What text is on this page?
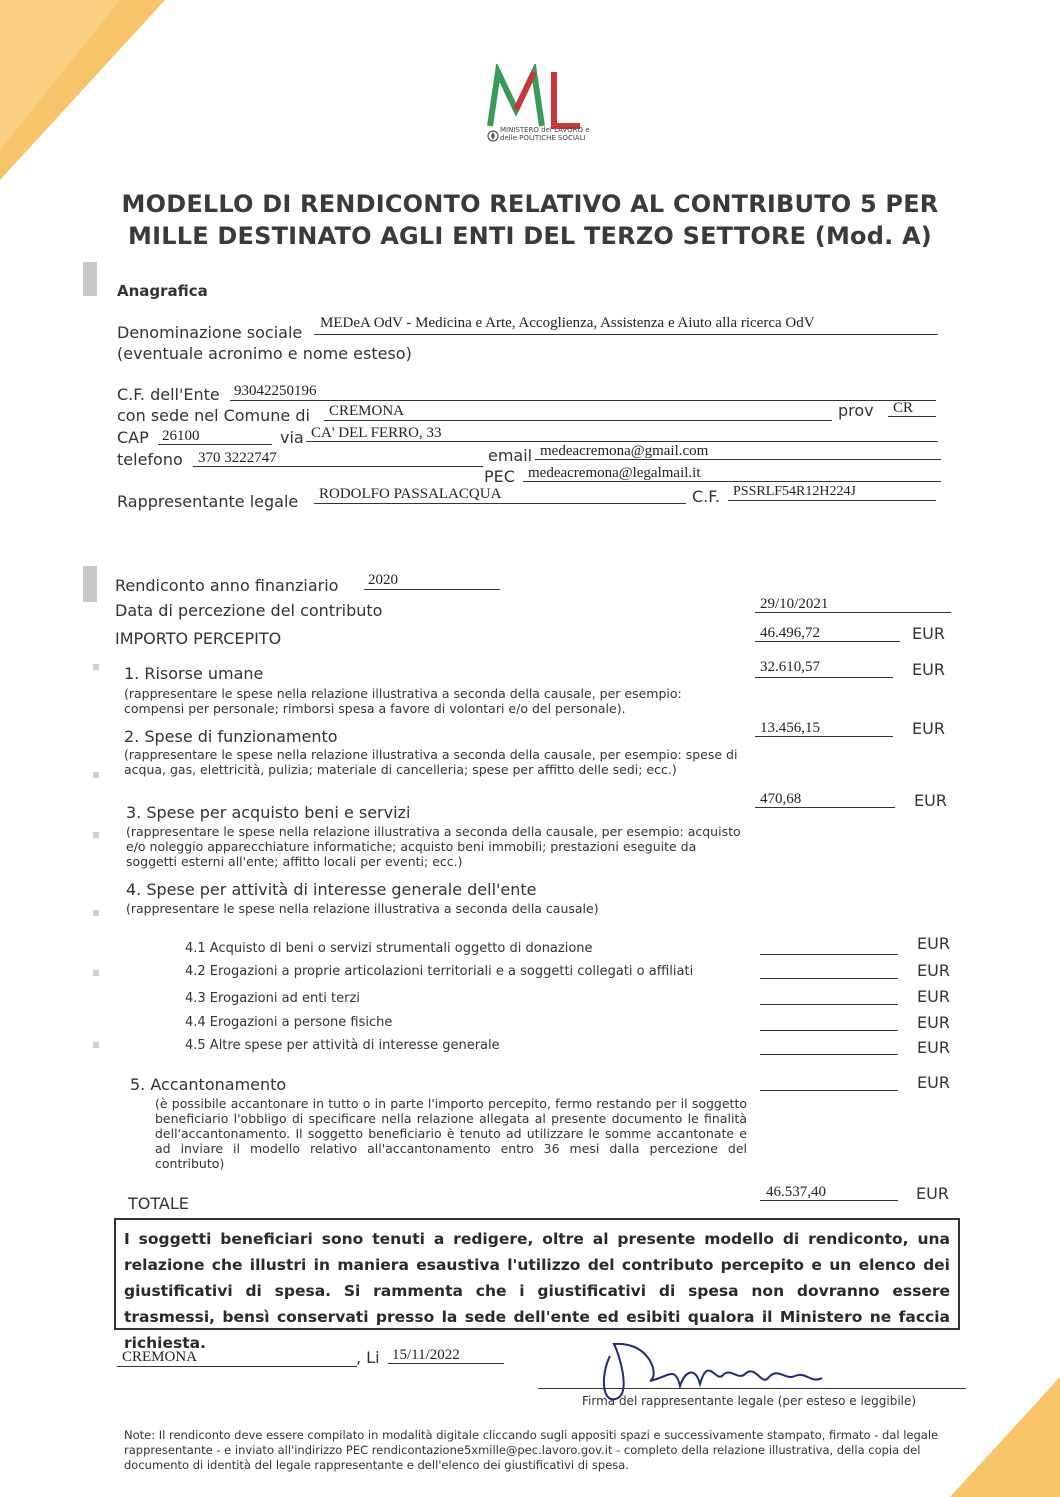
MINISTERO del LAVORO e delle POLITICHE SOCIALI
MODELLO DI RENDICONTO RELATIVO AL CONTRIBUTO 5 PER
MILLE DESTINATO AGLI ENTI DEL TERZO SETTORE (Mod. A)
Anagrafica
Denominazione sociale MEDeA OdV - Medicina e Arte, Accoglienza, Assistenza e Aiuto alla ricerca OdV
(eventuale acronimo e nome esteso)
C.F. dell'Ente 93042250196
con sede nel Comune di CREMONA	prov CR
CAP 26100	via CA' DEL FERRO, 33
telefono 370 3222747	email medeacremona@gmail.com
PEC medeacremona@legalmail.it
Rappresentante legale RODOLFO PASSALACQUA	C.F. PSSRLF54R12H224J
Rendiconto anno finanziario 2020
Data di percezione del contributo	29/10/2021
IMPORTO PERCEPITO	46.496,72	EUR
1. Risorse umane	32.610,57	EUR
(rappresentare le spese nella relazione illustrativa a seconda della causale, per esempio: compensi per personale; rimborsi spesa a favore di volontari e/o del personale).
2. Spese di funzionamento	13.456,15	EUR
(rappresentare le spese nella relazione illustrativa a seconda della causale, per esempio: spese di acqua, gas, elettricità, pulizia; materiale di cancelleria; spese per affitto delle sedi; ecc.)
3. Spese per acquisto beni e servizi
470,68	EUR
(rappresentare le spese nella relazione illustrativa a seconda della causale, per esempio: acquisto e/o noleggio apparecchiature informatiche; acquisto beni immobili; prestazioni eseguite da soggetti esterni all'ente; affitto locali per eventi; ecc.)
4. Spese per attività di interesse generale dell'ente
(rappresentare le spese nella relazione illustrativa a seconda della causale)
4.1 Acquisto di beni o servizi strumentali oggetto di donazione	EUR
4.2 Erogazioni a proprie articolazioni territoriali e a soggetti collegati o affiliati	EUR
4.3 Erogazioni ad enti terzi	EUR
4.4 Erogazioni a persone fisiche	EUR
4.5 Altre spese per attività di interesse generale	EUR
5. Accantonamento	EUR
(è possibile accantonare in tutto o in parte l'importo percepito, fermo restando per il soggetto beneficiario l'obbligo di specificare nella relazione allegata al presente documento le finalità dell'accantonamento. Il soggetto beneficiario è tenuto ad utilizzare le somme accantonate e ad inviare il modello relativo all'accantonamento entro 36 mesi dalla percezione del contributo)
TOTALE
46.537,40	EUR
I soggetti beneficiari sono tenuti a redigere, oltre al presente modello di rendiconto, una relazione che illustri in maniera esaustiva l'utilizzo del contributo percepito e un elenco dei giustificativi di spesa. Si rammenta che i giustificativi di spesa non dovranno essere trasmessi, bensì conservati presso la sede dell'ente ed esibiti qualora il Ministero ne faccia richiesta.
CREMONA	, Li 15/11/2022
Firma del rappresentante legale (per esteso e leggibile)
Note: Il rendiconto deve essere compilato in modalità digitale cliccando sugli appositi spazi e successivamente stampato, firmato - dal legale rappresentante - e inviato all'indirizzo PEC rendicontazione5xmille@pec.lavoro.gov.it - completo della relazione illustrativa, della copia del documento di identità del legale rappresentante e dell'elenco dei giustificativi di spesa.
